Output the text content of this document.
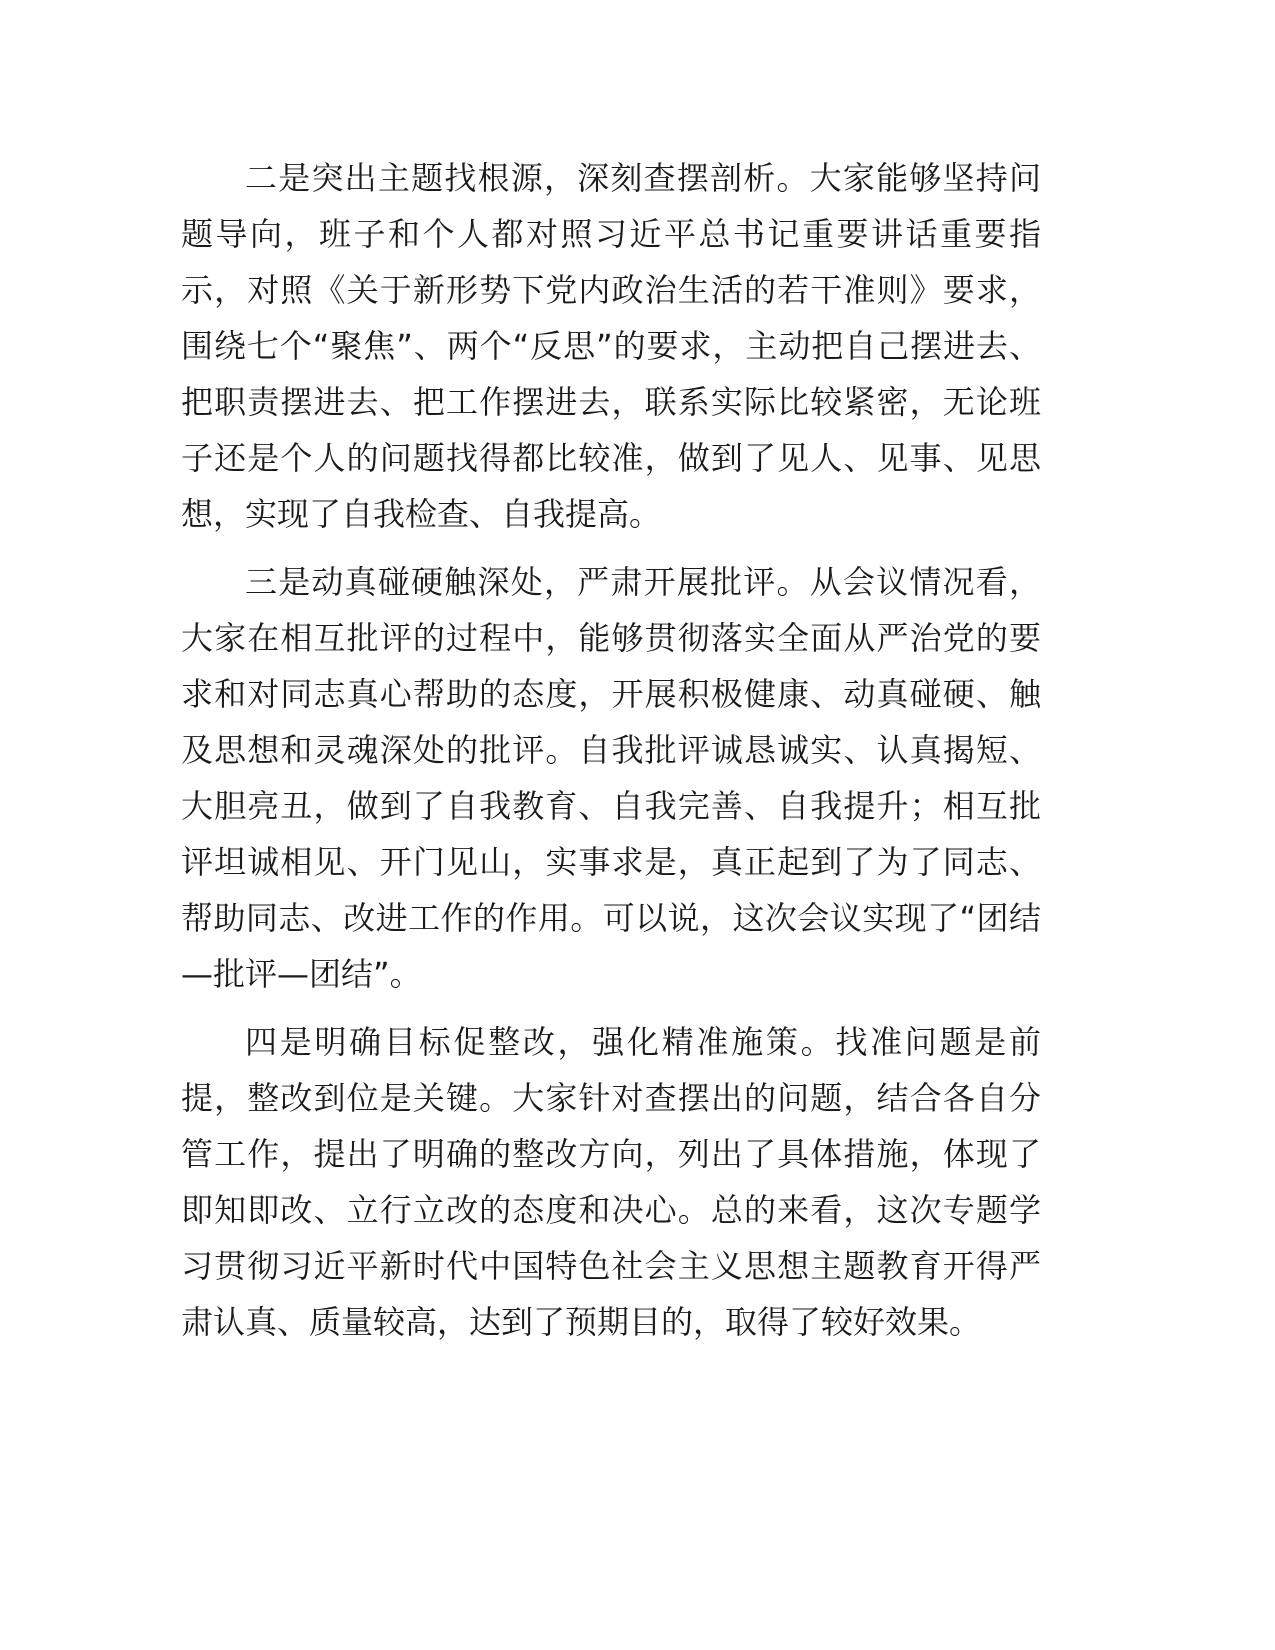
二是突出主题找根源，深刻查摆剖析。大家能够坚持问题导向，班子和个人都对照习近平总书记重要讲话重要指示，对照《关于新形势下党内政治生活的若干准则》要求，围绕七个“聚焦”、两个“反思”的要求，主动把自己摆进去、把职责摆进去、把工作摆进去，联系实际比较紧密，无论班子还是个人的问题找得都比较准，做到了见人、见事、见思想，实现了自我检查、自我提高。

三是动真碰硬触深处，严肃开展批评。从会议情况看，大家在相互批评的过程中，能够贯彻落实全面从严治党的要求和对同志真心帮助的态度，开展积极健康、动真碰硬、触及思想和灵魂深处的批评。自我批评诚恳诚实、认真揭短、大胆亮丑，做到了自我教育、自我完善、自我提升；相互批评坦诚相见、开门见山，实事求是，真正起到了为了同志、帮助同志、改进工作的作用。可以说，这次会议实现了“团结—批评—团结”。

四是明确目标促整改，强化精准施策。找准问题是前提，整改到位是关键。大家针对查摆出的问题，结合各自分管工作，提出了明确的整改方向，列出了具体措施，体现了即知即改、立行立改的态度和决心。总的来看，这次专题学习贯彻习近平新时代中国特色社会主义思想主题教育开得严肃认真、质量较高，达到了预期目的，取得了较好效果。
